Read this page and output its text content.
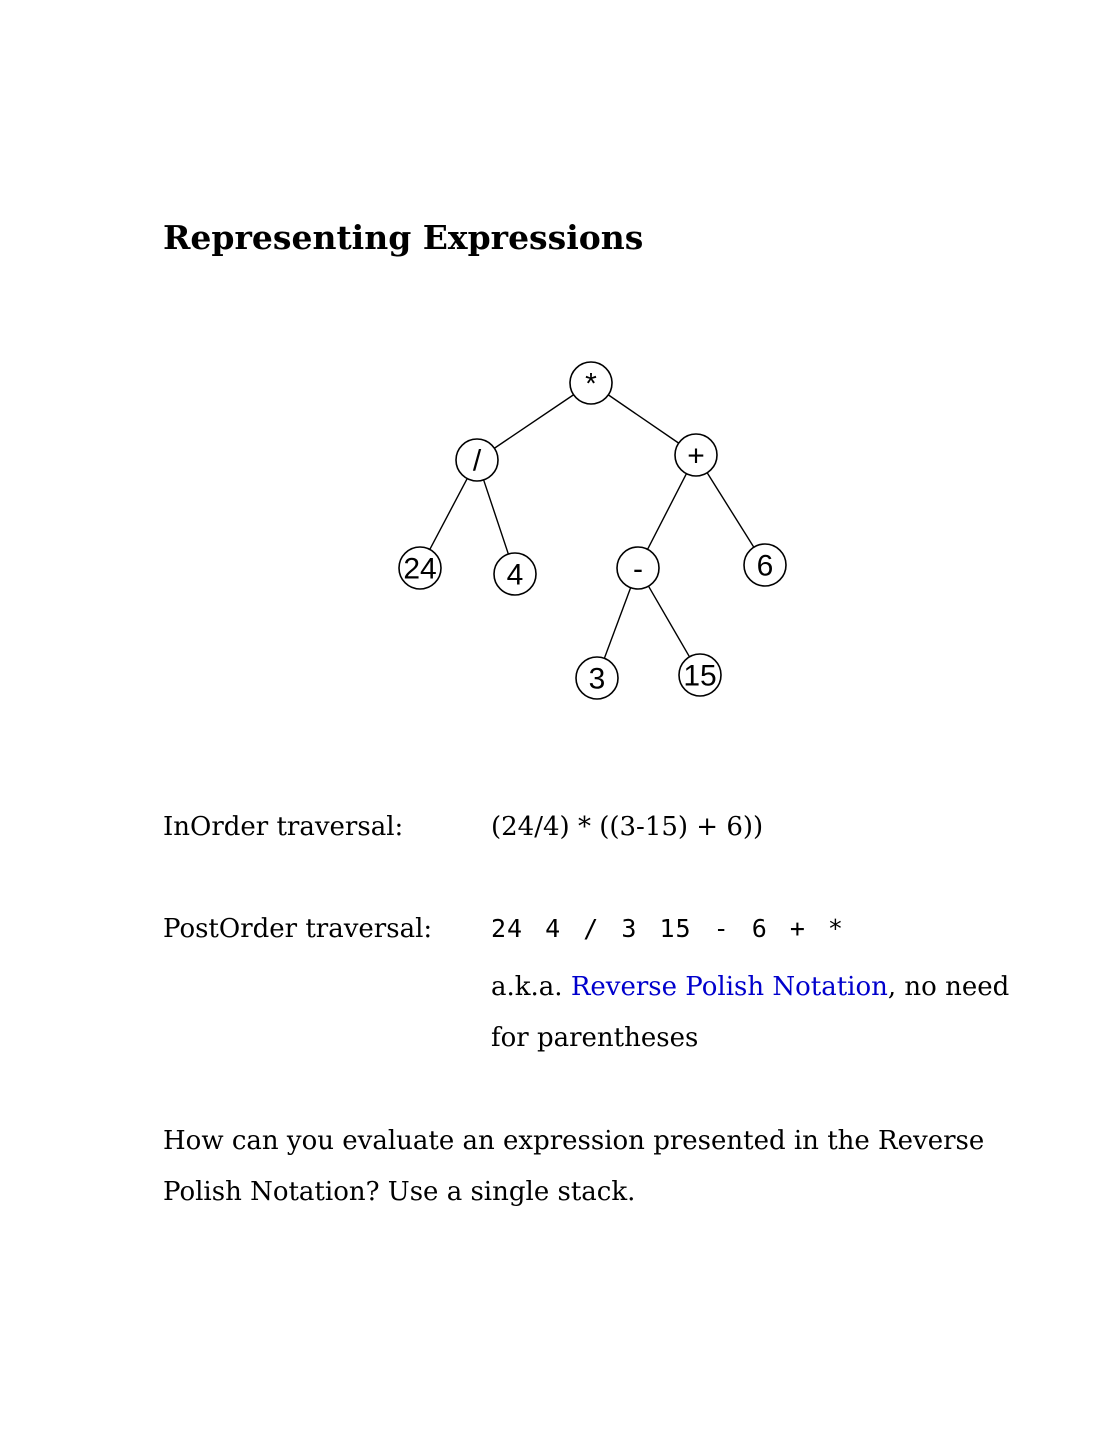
Representing Expressions
*
/	+
24 4	-	6
3	15
InOrder traversal:	(24/4) * ((3-15) + 6))
PostOrder traversal: 24 4 / 3 15 - 6 + *
a.k.a. Reverse Polish Notation, no need for parentheses

How can you evaluate an expression presented in the Reverse Polish Notation? Use a single stack.
